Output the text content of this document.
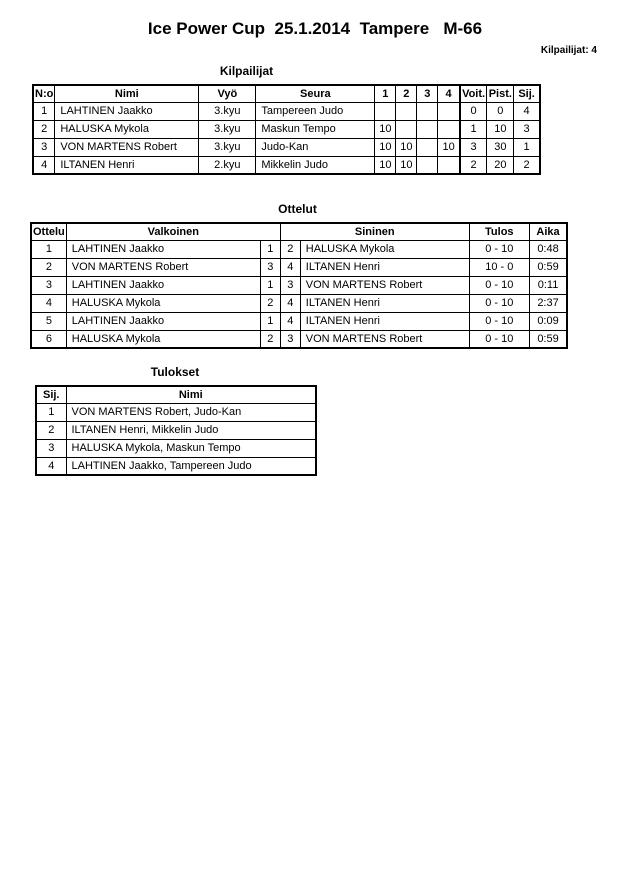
Ice Power Cup  25.1.2014  Tampere   M-66
Kilpailijat: 4
Kilpailijat
N:o	Nimi	Vyö	Seura	1	2	3	4	Voit.	Pist.	Sij.
1	LAHTINEN Jaakko	3.kyu	Tampereen Judo					0	0	4
2	HALUSKA Mykola	3.kyu	Maskun Tempo	10				1	10	3
3	VON MARTENS Robert	3.kyu	Judo-Kan	10	10		10	3	30	1
4	ILTANEN Henri	2.kyu	Mikkelin Judo	10	10			2	20	2
Ottelut
Ottelu	Valkoinen		Sininen		Tulos	Aika
1	LAHTINEN Jaakko	1	2	HALUSKA Mykola	0 - 10	0:48
2	VON MARTENS Robert	3	4	ILTANEN Henri	10 - 0	0:59
3	LAHTINEN Jaakko	1	3	VON MARTENS Robert	0 - 10	0:11
4	HALUSKA Mykola	2	4	ILTANEN Henri	0 - 10	2:37
5	LAHTINEN Jaakko	1	4	ILTANEN Henri	0 - 10	0:09
6	HALUSKA Mykola	2	3	VON MARTENS Robert	0 - 10	0:59
Tulokset
Sij.	Nimi
1	VON MARTENS Robert, Judo-Kan
2	ILTANEN Henri, Mikkelin Judo
3	HALUSKA Mykola, Maskun Tempo
4	LAHTINEN Jaakko, Tampereen Judo
